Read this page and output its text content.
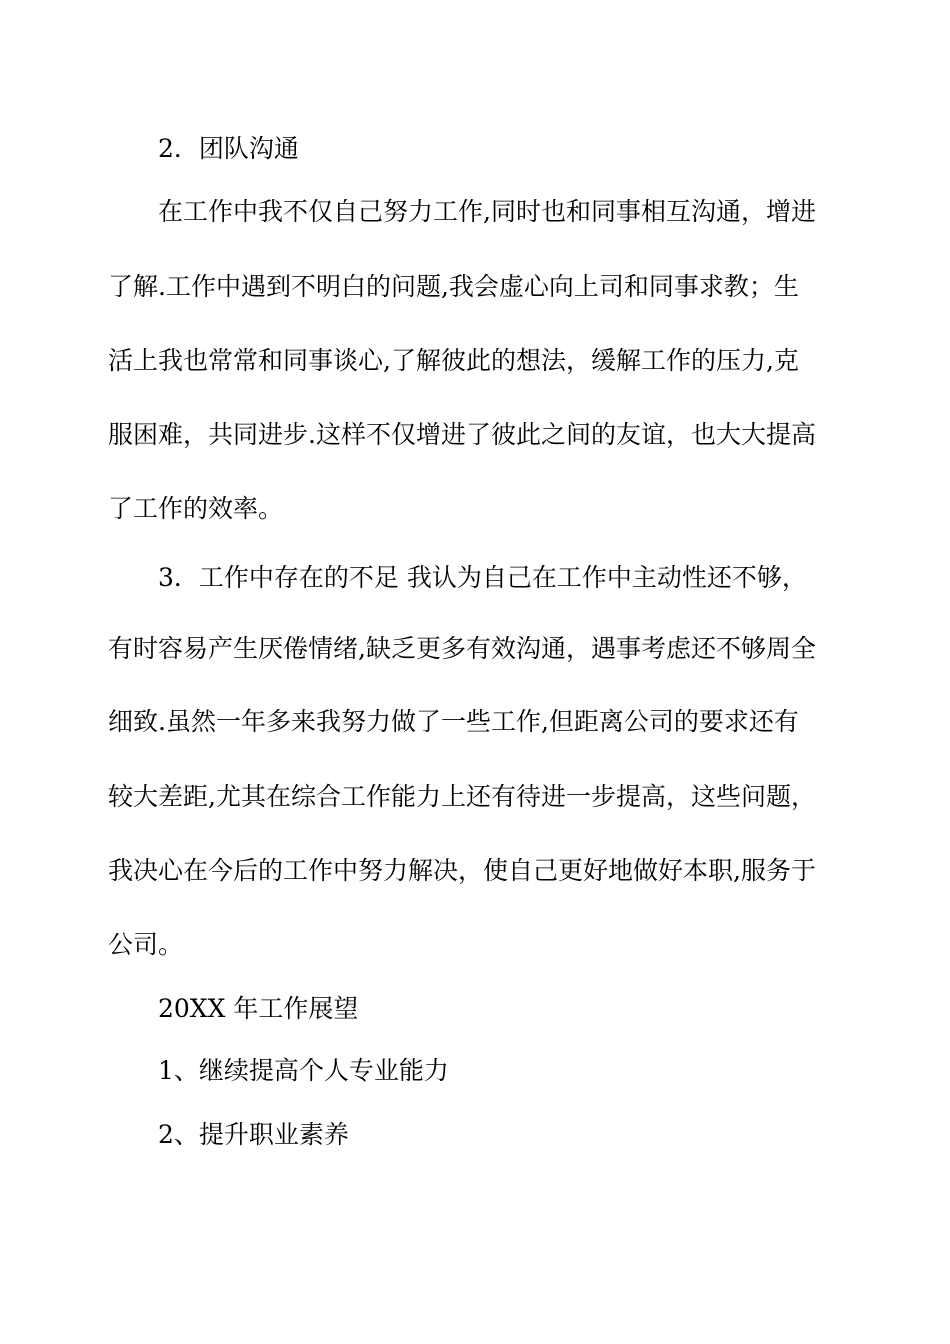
2．团队沟通
在工作中我不仅自己努力工作,同时也和同事相互沟通，增进
了解.工作中遇到不明白的问题,我会虚心向上司和同事求教；生
活上我也常常和同事谈心,了解彼此的想法，缓解工作的压力,克
服困难，共同进步.这样不仅增进了彼此之间的友谊，也大大提高
了工作的效率。
3．工作中存在的不足 我认为自己在工作中主动性还不够，
有时容易产生厌倦情绪,缺乏更多有效沟通，遇事考虑还不够周全
细致.虽然一年多来我努力做了一些工作,但距离公司的要求还有
较大差距,尤其在综合工作能力上还有待进一步提高，这些问题，
我决心在今后的工作中努力解决，使自己更好地做好本职,服务于
公司。
20XX 年工作展望
1、继续提高个人专业能力
2、提升职业素养
